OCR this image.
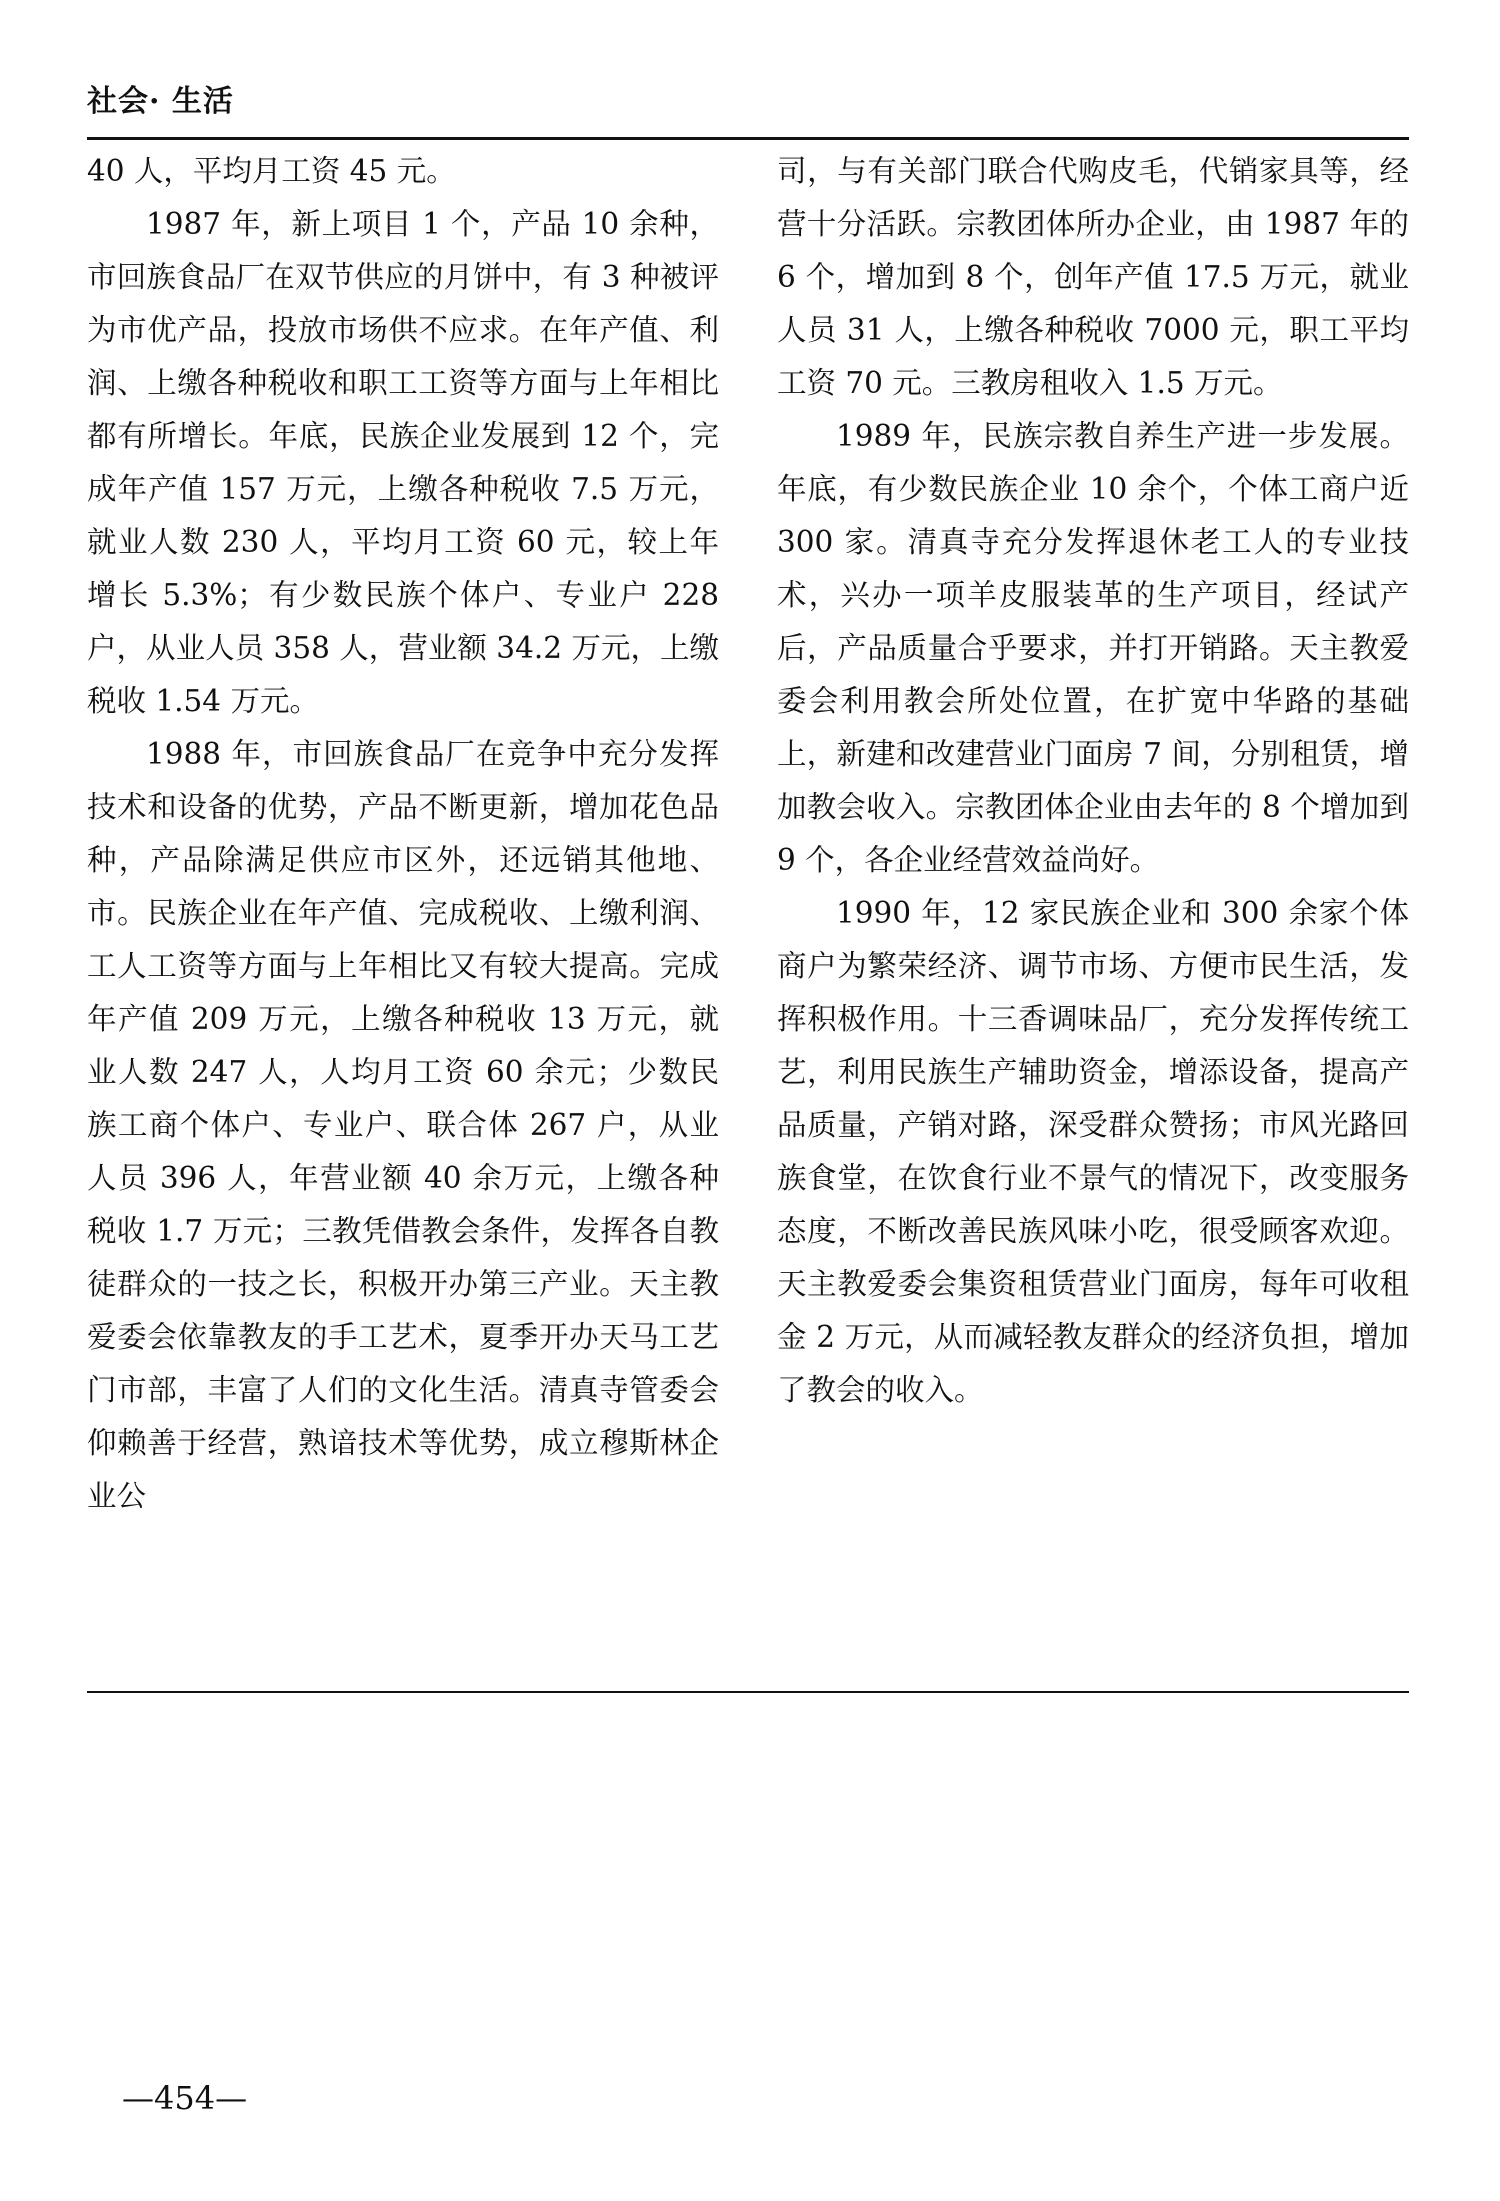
社会· 生活

40 人，平均月工资 45 元。

1987 年，新上项目 1 个，产品 10 余种，市回族食品厂在双节供应的月饼中，有 3 种被评为市优产品，投放市场供不应求。在年产值、利润、上缴各种税收和职工工资等方面与上年相比都有所增长。年底，民族企业发展到 12 个，完成年产值 157 万元，上缴各种税收 7.5 万元，就业人数 230 人，平均月工资 60 元，较上年增长 5.3%；有少数民族个体户、专业户 228 户，从业人员 358 人，营业额 34.2 万元，上缴税收 1.54 万元。

1988 年，市回族食品厂在竞争中充分发挥技术和设备的优势，产品不断更新，增加花色品种，产品除满足供应市区外，还远销其他地、市。民族企业在年产值、完成税收、上缴利润、工人工资等方面与上年相比又有较大提高。完成年产值 209 万元，上缴各种税收 13 万元，就业人数 247 人，人均月工资 60 余元；少数民族工商个体户、专业户、联合体 267 户，从业人员 396 人，年营业额 40 余万元，上缴各种税收 1.7 万元；三教凭借教会条件，发挥各自教徒群众的一技之长，积极开办第三产业。天主教爱委会依靠教友的手工艺术，夏季开办天马工艺门市部，丰富了人们的文化生活。清真寺管委会仰赖善于经营，熟谙技术等优势，成立穆斯林企业公

司，与有关部门联合代购皮毛，代销家具等，经营十分活跃。宗教团体所办企业，由 1987 年的 6 个，增加到 8 个，创年产值 17.5 万元，就业人员 31 人，上缴各种税收 7000 元，职工平均工资 70 元。三教房租收入 1.5 万元。

1989 年，民族宗教自养生产进一步发展。年底，有少数民族企业 10 余个，个体工商户近 300 家。清真寺充分发挥退休老工人的专业技术，兴办一项羊皮服装革的生产项目，经试产后，产品质量合乎要求，并打开销路。天主教爱委会利用教会所处位置，在扩宽中华路的基础上，新建和改建营业门面房 7 间，分别租赁，增加教会收入。宗教团体企业由去年的 8 个增加到 9 个，各企业经营效益尚好。

1990 年，12 家民族企业和 300 余家个体商户为繁荣经济、调节市场、方便市民生活，发挥积极作用。十三香调味品厂，充分发挥传统工艺，利用民族生产辅助资金，增添设备，提高产品质量，产销对路，深受群众赞扬；市风光路回族食堂，在饮食行业不景气的情况下，改变服务态度，不断改善民族风味小吃，很受顾客欢迎。天主教爱委会集资租赁营业门面房，每年可收租金 2 万元，从而减轻教友群众的经济负担，增加了教会的收入。

—454—
